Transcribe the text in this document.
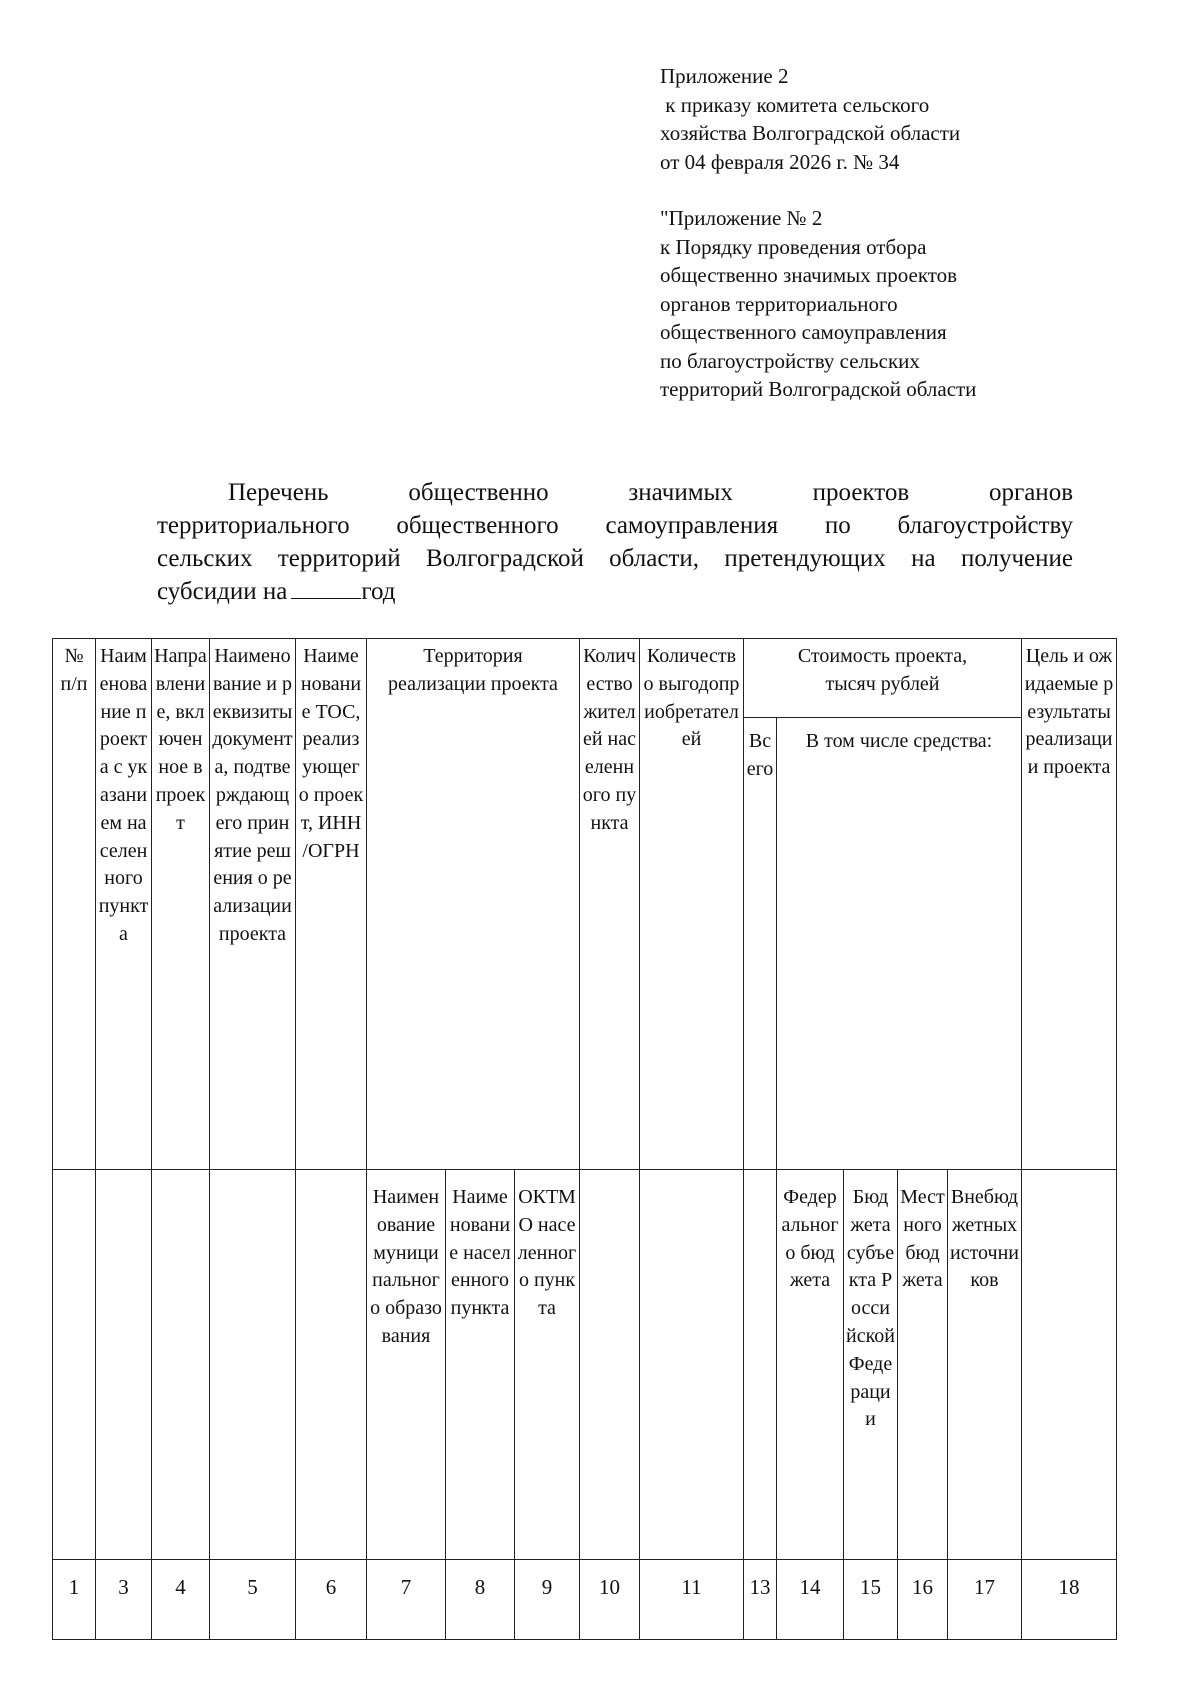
Приложение 2
к приказу комитета сельского
хозяйства Волгоградской области
от 04 февраля 2026 г. № 34
"Приложение № 2
к Порядку проведения отбора
общественно значимых проектов
органов территориального
общественного самоуправления
по благоустройству сельских
территорий Волгоградской области
Перечень общественно значимых проектов органов
территориального общественного самоуправления по благоустройству
сельских территорий Волгоградской области, претендующих на получение
субсидии на	год
№ п/п	Наименование проекта с указанием населенного пункта	Направление, включенное в проект	Наименование и реквизиты документа, подтверждающего принятие решения о реализации проекта	Наименование ТОС, реализующего проект, ИНН /ОГРН	Территория реализации проекта			Количество жителей населенного пункта	Количество выгодоприобретателей	Стоимость проекта, тысяч рублей					Цель и ожидаемые результаты реализации проекта
										Всего	В том числе средства:				
					Наименование муниципального образования	Наименование населенного пункта	ОКТМО населенного пункта				Федерального бюджета	Бюджета субъекта Российской Федерации	Местного бюджета	Внебюджетных источников	
1	3	4	5	6	7	8	9	10	11	13	14	15	16	17	18
